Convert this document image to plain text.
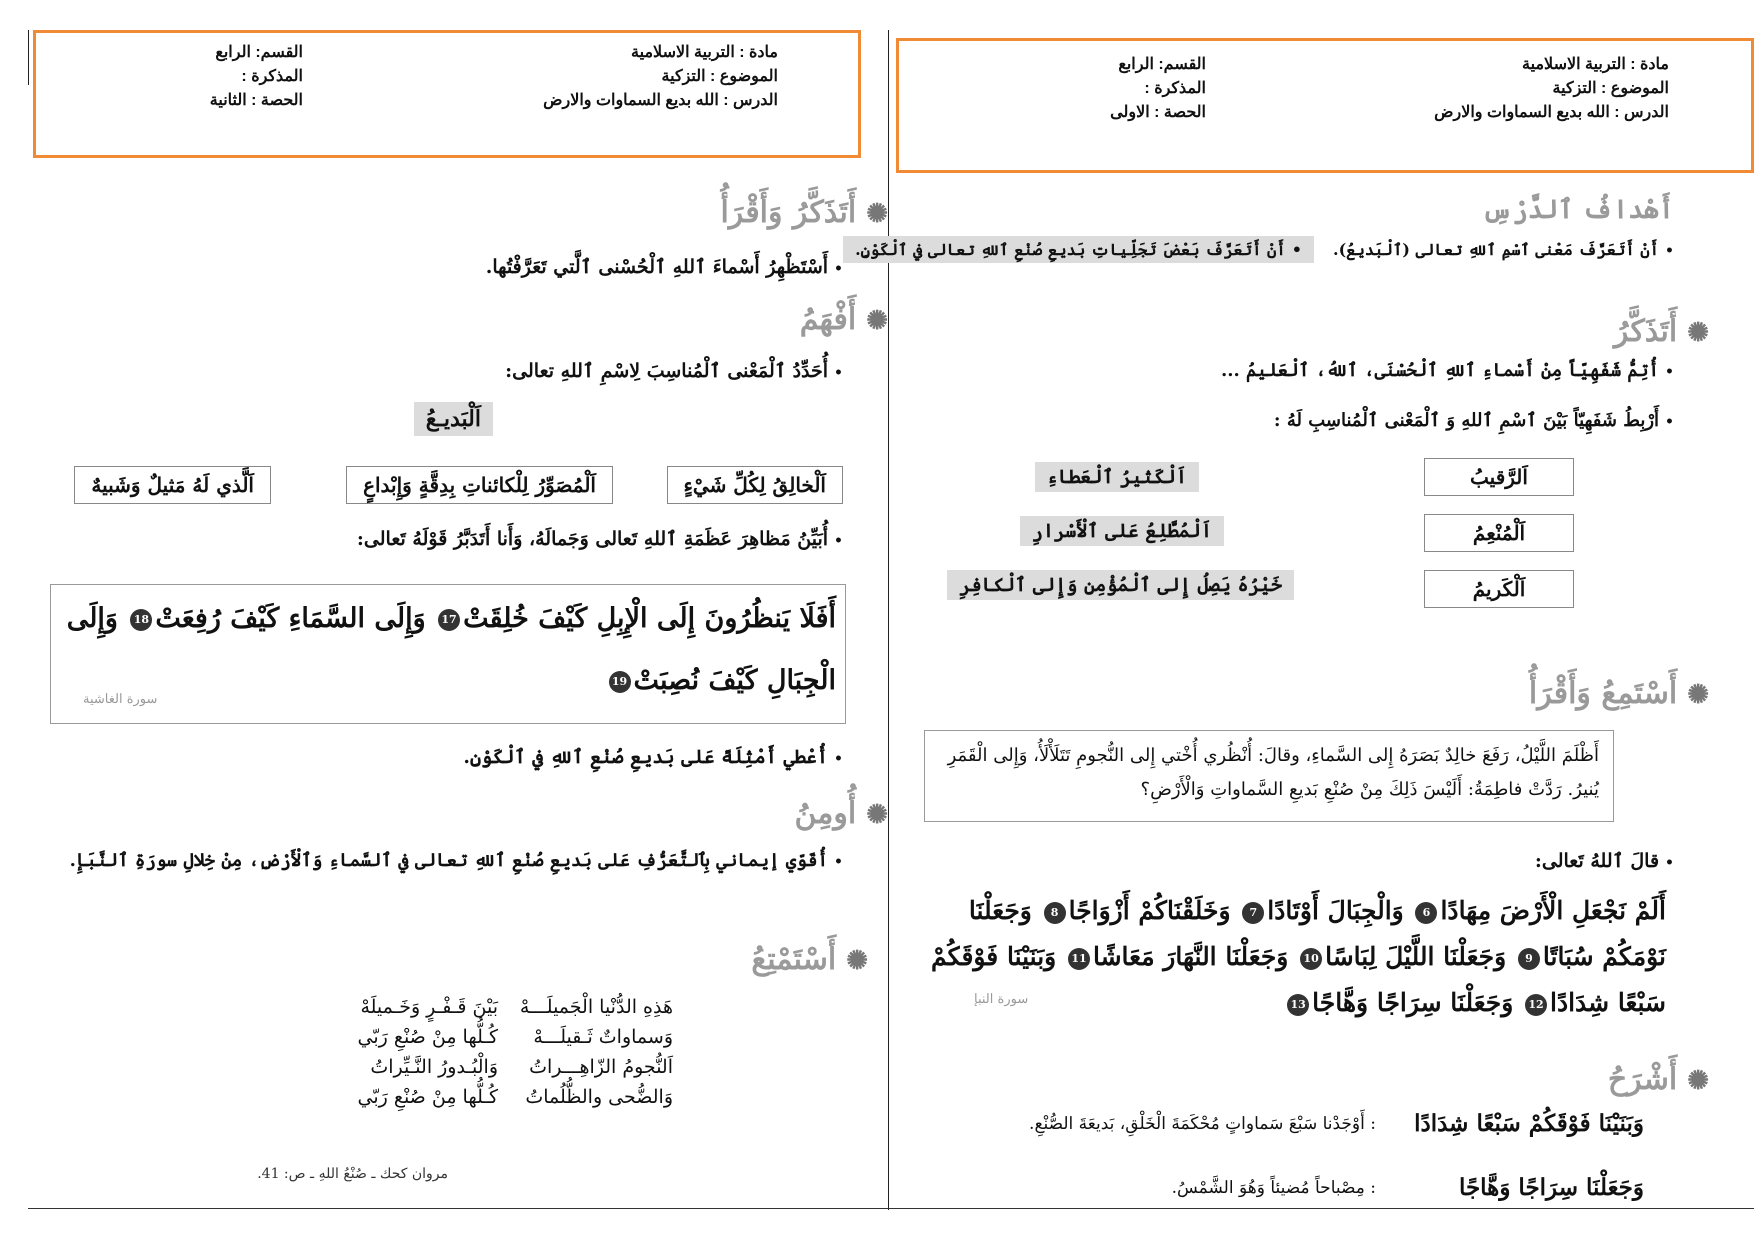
مادة : التربية الاسلامية
الموضوع : التزكية
الدرس : الله بديع السماوات والارض
القسم: الرابع
المذكرة :
الحصة : الثانية
✺أَتَذَكَّرُ وَأَقْرَأُ
•أَسْتَظْهِرُ أَسْماءَ ٱللهِ ٱلْحُسْنى ٱلَّتي تَعَرَّفْتُها.
✺أَفْهَمُ
•أُحَدِّدُ ٱلْمَعْنى ٱلْمُناسِبَ لِاسْمِ ٱللهِ تعالى:
اَلْبَديـعُ
اَلْخالِقُ لِكُلِّ شَيْءٍ
اَلْمُصَوِّرُ لِلْكائناتِ بِدِقَّةٍ وَإِبْداعٍ
اَلَّذي لَهُ مَثيلٌ وَشَبيهٌ
•أُبَيِّنُ مَظاهِرَ عَظَمَةِ ٱللهِ تَعالى وَجَمالَهُ، وَأَنا أَتَدَبَّرُ قَوْلَهُ تَعالى:
أَفَلَا يَنظُرُونَ إِلَى الْإِبِلِ كَيْفَ خُلِقَتْ17 وَإِلَى السَّمَاءِ كَيْفَ رُفِعَتْ18 وَإِلَى
الْجِبَالِ كَيْفَ نُصِبَتْ19
سورة الغاشية
•أُعْطي أَمْثِلَةً عَلى بَديعِ صُنْعِ ٱللهِ في ٱلْكَوْنِ.
✺أُومِنُ
•أُقَوّي إيماني بِٱلتَّعَرُّفِ عَلى بَديعِ صُنْعِ ٱللهِ تعالى في ٱلسَّماءِ وَٱلْأَرْضِ، مِنْ خِلالِ سورَةِ ٱلنَّبَإِ.
✺أَسْتَمْتِعُ
هَذِهِ الدُّنْيا الْجَميلَـــهْ
وَسماواتٌ ثَـقيلَـــهْ
اَلنُّجومُ الزّاهِـــراتُ
وَالضُّحى والظُّلُماتُ
بَيْنَ قَـفْـرٍ وَخَـميلَهْ
كُـلُّها مِنْ صُنْعِ رَبّي
وَالْبُـدورُ النَّـيِّراتُ
كُـلُّها مِنْ صُنْعِ رَبّي
مروان كحك ـ صُنْعُ اللهِ ـ ص: 41.
مادة : التربية الاسلامية
الموضوع : التزكية
الدرس : الله بديع السماوات والارض
القسم: الرابع
المذكرة :
الحصة : الاولى
أَهْدافُ ٱلدَّرْسِ
•أَنْ أَتَعَرَّفَ مَعْنى ٱسْمِ ٱللهِ تعالى (ٱلْبَديعُ).
•أَنْ أَتَعَرَّفَ بَعْضَ تَجَلِّياتِ بَديعِ صُنْعِ ٱللهِ تعالى في ٱلْكَوْنِ.
✺أَتَذَكَّرُ
•أُتِمُّ شَفَهِيّاً مِنْ أَسْماءِ ٱللهِ ٱلْحُسْنَى، ٱللهُ، ٱلْعَليمُ ...
•أَرْبِطُ شَفَهِيّاً بَيْنَ ٱسْمِ ٱللهِ وَ ٱلْمَعْنى ٱلْمُناسِبِ لَهُ :
اَلرَّقيبُ
اَلْمُنْعِمُ
اَلْكَريمُ
اَلْكَثيرُ ٱلْعَطاءِ
اَلْمُطَّلِعُ عَلى ٱلْأَسْرارِ
خَيْرُهُ يَصِلُ إِلى ٱلْمُؤْمِنِ وَإِلى ٱلْكافِرِ
✺أَسْتَمِعُ وَأَقْرَأُ
أَظْلَمَ اللَّيْلُ، رَفَعَ خالِدٌ بَصَرَهُ إِلى السَّماءِ، وقالَ: أُنْظُري أُخْتي إِلى النُّجومِ تَتَلَأْلَأُ، وَإِلى الْقَمَرِ يُنيرُ. رَدَّتْ فاطِمَةُ: أَلَيْسَ ذَلِكَ مِنْ صُنْعِ بَديعِ السَّماواتِ وَالْأَرْضِ؟
•قالَ ٱللهُ تَعالى:
أَلَمْ نَجْعَلِ الْأَرْضَ مِهَادًا6 وَالْجِبَالَ أَوْتَادًا7 وَخَلَقْنَاكُمْ أَزْوَاجًا8 وَجَعَلْنَا
نَوْمَكُمْ سُبَاتًا9 وَجَعَلْنَا اللَّيْلَ لِبَاسًا10 وَجَعَلْنَا النَّهَارَ مَعَاشًا11 وَبَنَيْنَا فَوْقَكُمْ
سَبْعًا شِدَادًا12 وَجَعَلْنَا سِرَاجًا وَهَّاجًا13
سورة النبإ
✺أَشْرَحُ
وَبَنَيْنَا فَوْقَكُمْ سَبْعًا شِدَادًا
: أَوْجَدْنا سَبْعَ سَماواتٍ مُحْكَمَةَ الْخَلْقِ، بَديعَةَ الصُّنْعِ.
وَجَعَلْنَا سِرَاجًا وَهَّاجًا
: مِصْباحاً مُضيئاً وَهُوَ الشَّمْسُ.
